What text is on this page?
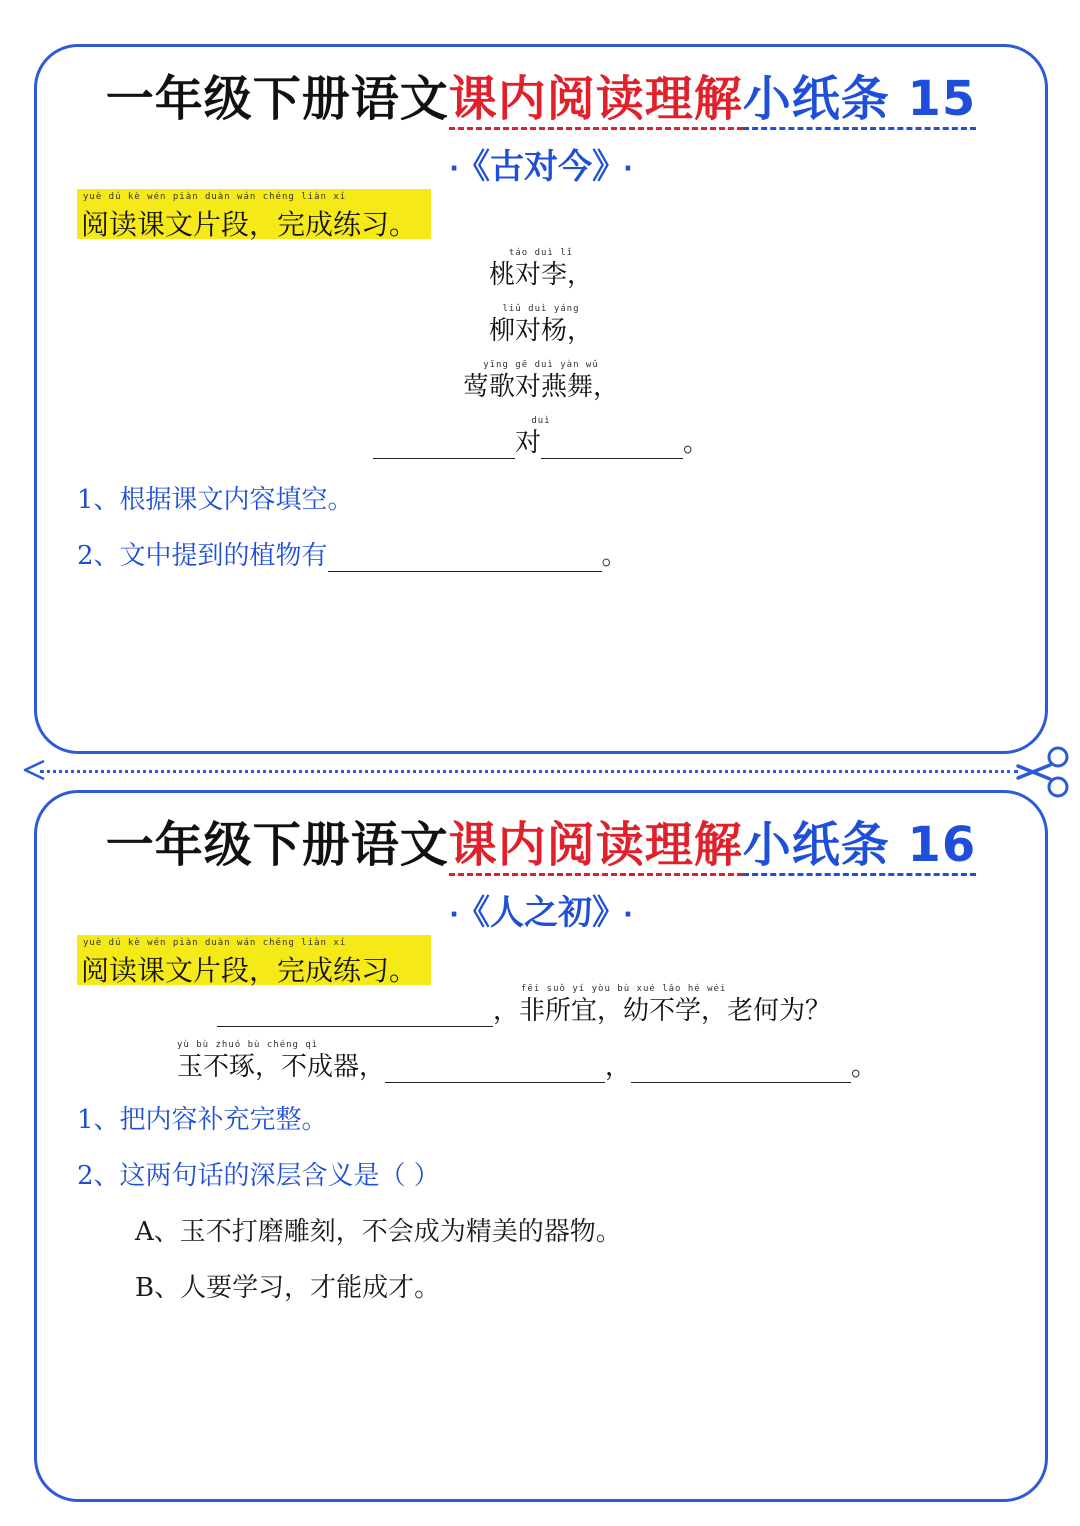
一年级下册语文课内阅读理解小纸条 15
· 《古对今》 ·
yuè dú kè wén piàn duàn wán chéng liàn xí
阅读课文片段，完成练习。
táo duì lǐ
桃对李，
liǔ duì yáng
柳对杨，
yīng gē duì yàn wǔ
莺歌对燕舞，
duì
对	。
1、根据课文内容填空。
2、文中提到的植物有	。
一年级下册语文课内阅读理解小纸条 16
· 《人之初》 ·
yuè dú kè wén piàn duàn wán chéng liàn xí
阅读课文片段，完成练习。
fēi suǒ yí yòu bù xué lǎo hé wéi
，非所宜，幼不学，老何为？
yù bù zhuó bù chéng qì
玉不琢，不成器，	，	。
1、把内容补充完整。
2、这两句话的深层含义是（ ）
A、玉不打磨雕刻，不会成为精美的器物。
B、人要学习，才能成才。
